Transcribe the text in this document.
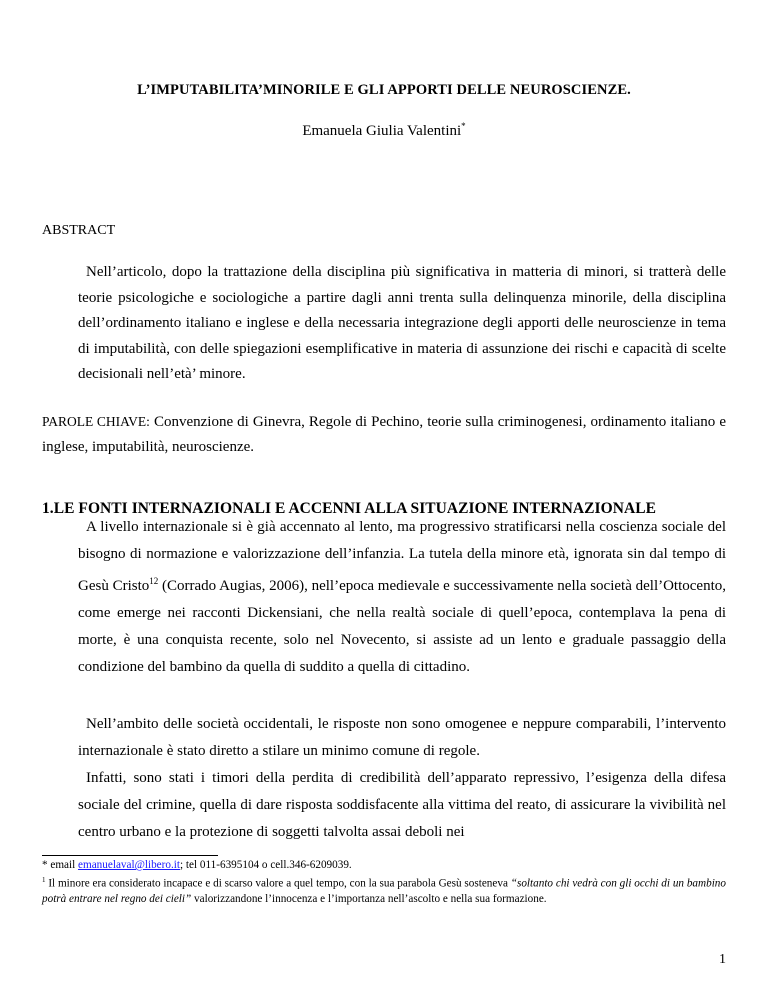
L’IMPUTABILITA’MINORILE E GLI APPORTI DELLE NEUROSCIENZE.
Emanuela Giulia Valentini*
ABSTRACT

Nell’articolo, dopo la trattazione della disciplina più significativa in matteria di minori, si tratterà delle teorie psicologiche e sociologiche a partire dagli anni trenta sulla delinquenza minorile, della disciplina dell’ordinamento italiano e inglese e della necessaria integrazione degli apporti delle neuroscienze in tema di imputabilità, con delle spiegazioni esemplificative in materia di assunzione dei rischi e capacità di scelte decisionali nell’età’ minore.

PAROLE CHIAVE: Convenzione di Ginevra, Regole di Pechino, teorie sulla criminogenesi, ordinamento italiano e inglese, imputabilità, neuroscienze.

1.LE FONTI INTERNAZIONALI E ACCENNI ALLA SITUAZIONE INTERNAZIONALE

A livello internazionale si è già accennato al lento, ma progressivo stratificarsi nella coscienza sociale del bisogno di normazione e valorizzazione dell’infanzia. La tutela della minore età, ignorata sin dal tempo di Gesù Cristo$^{12}$ (Corrado Augias, 2006), nell’epoca medievale e successivamente nella società dell’Ottocento, come emerge nei racconti Dickensiani, che nella realtà sociale di quell’epoca, contemplava la pena di morte, è una conquista recente, solo nel Novecento, si assiste ad un lento e graduale passaggio della condizione del bambino da quella di suddito a quella di cittadino.

Nell’ambito delle società occidentali, le risposte non sono omogenee e neppure comparabili, l’intervento internazionale è stato diretto a stilare un minimo comune di regole.

Infatti, sono stati i timori della perdita di credibilità dell’apparato repressivo, l’esigenza della difesa sociale del crimine, quella di dare risposta soddisfacente alla vittima del reato, di assicurare la vivibilità nel centro urbano e la protezione di soggetti talvolta assai deboli nei

* email emanuelaval@libero.it; tel 011-6395104 o cell.346-6209039.

$^1$ Il minore era considerato incapace e di scarso valore a quel tempo, con la sua parabola Gesù sosteneva “soltanto chi vedrà con gli occhi di un bambino potrà entrare nel regno dei cieli” valorizzandone l’innocenza e l’importanza nell’ascolto e nella sua formazione.

1
